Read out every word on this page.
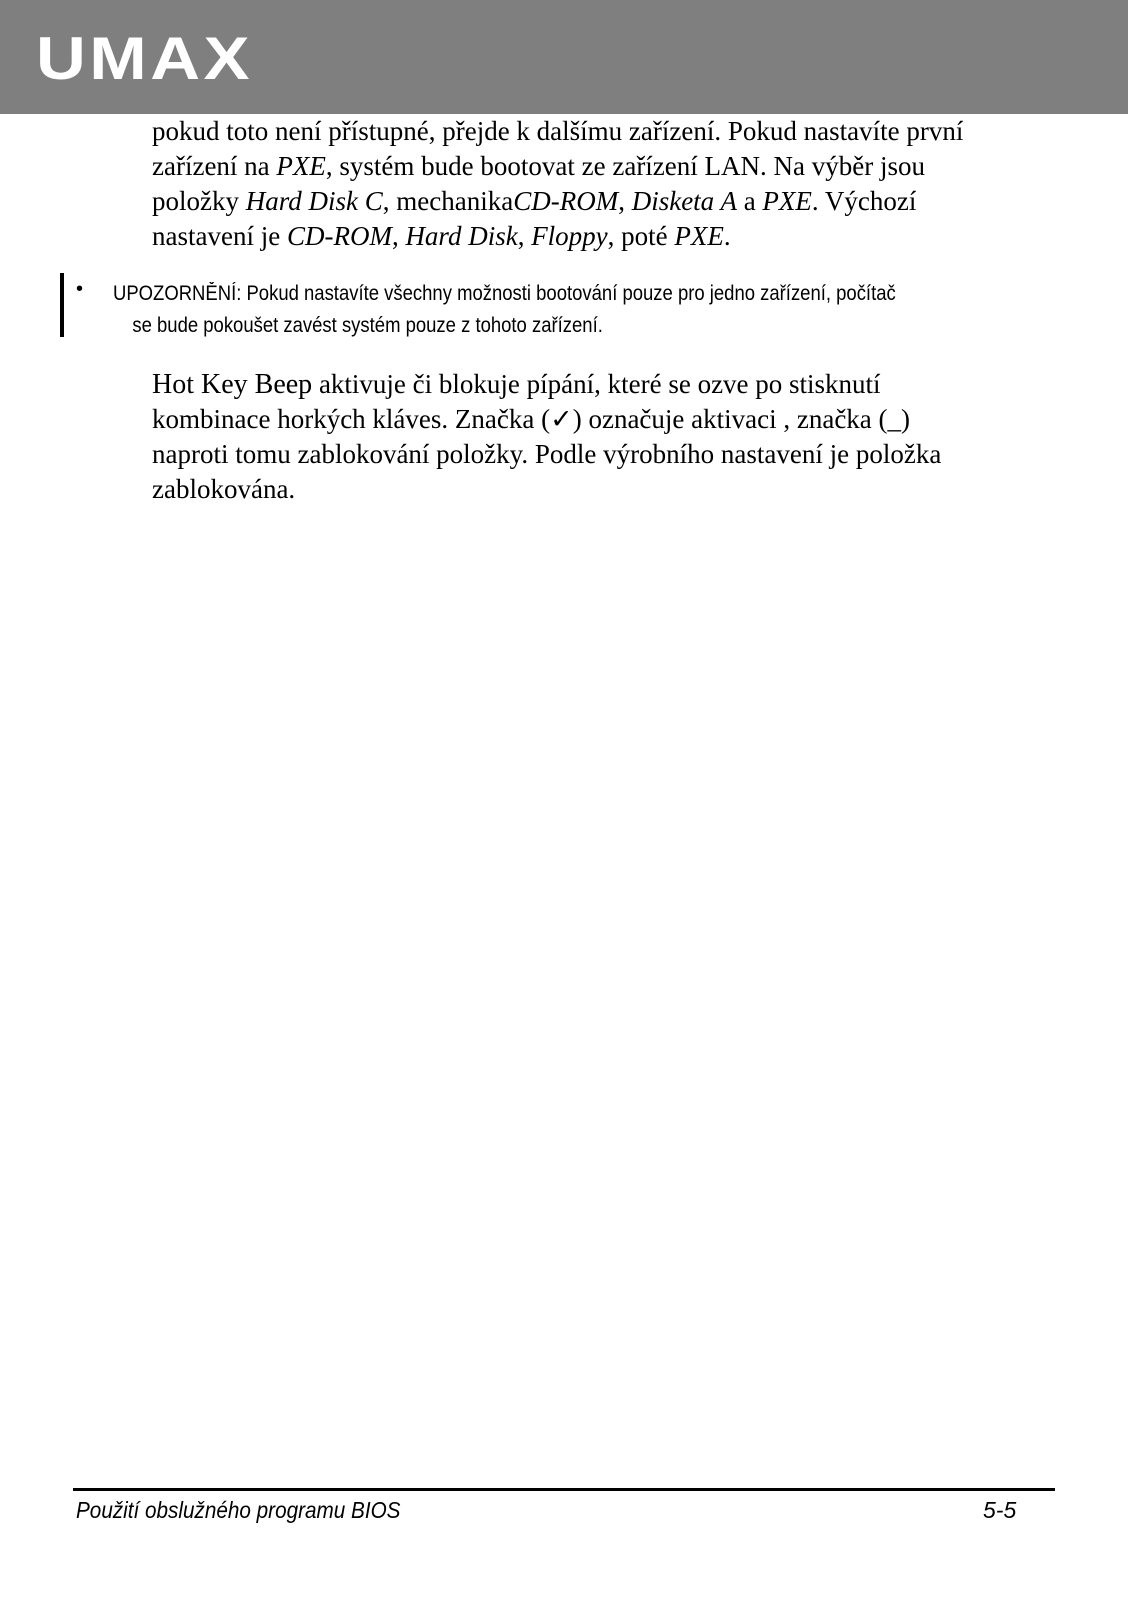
UMAX
pokud toto není přístupné, přejde k dalšímu zařízení. Pokud nastavíte první
zařízení na PXE, systém bude bootovat ze zařízení LAN. Na výběr jsou
položky Hard Disk C, mechanikaCD-ROM, Disketa A a PXE. Výchozí
nastavení je CD-ROM, Hard Disk, Floppy, poté PXE.
• UPOZORNĚNÍ: Pokud nastavíte všechny možnosti bootování pouze pro jedno zařízení, počítač
se bude pokoušet zavést systém pouze z tohoto zařízení.
Hot Key Beep aktivuje či blokuje pípání, které se ozve po stisknutí
kombinace horkých kláves. Značka (✓) označuje aktivaci , značka (_)
naproti tomu zablokování položky. Podle výrobního nastavení je položka
zablokována.
Použití obslužného programu BIOS	5-5
